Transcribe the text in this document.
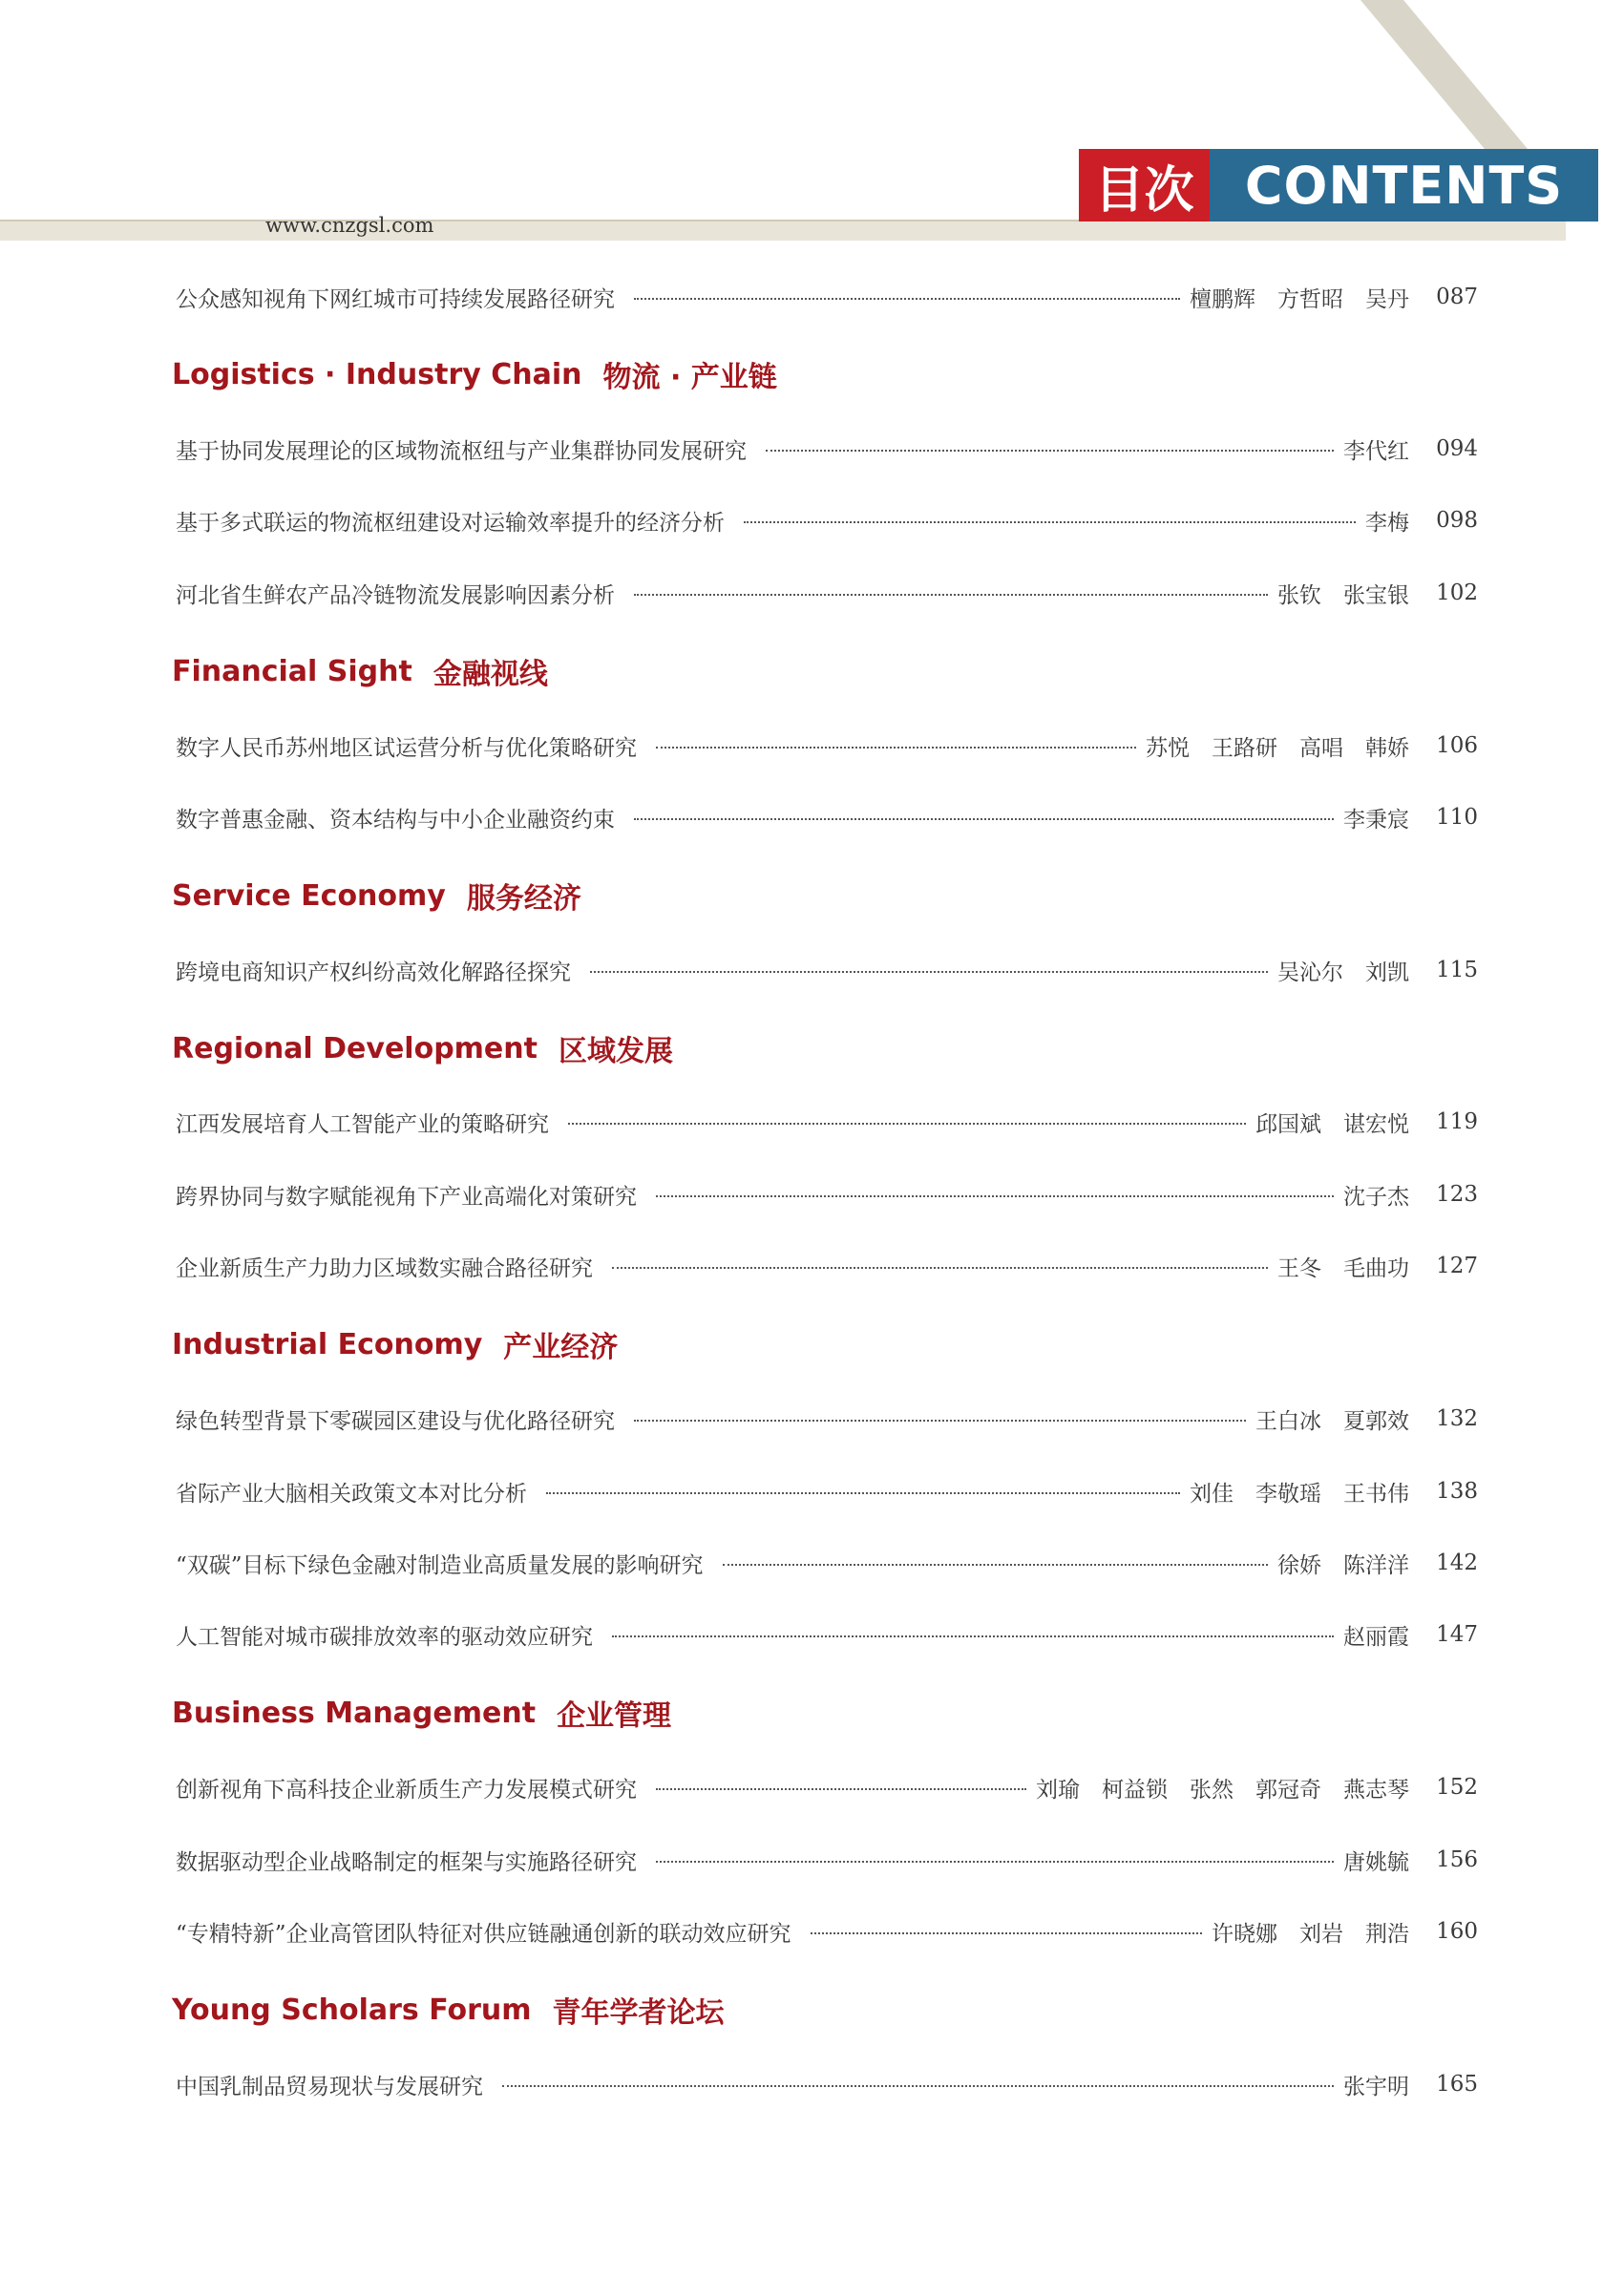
目次 CONTENTS
www.cnzgsl.com
公众感知视角下网红城市可持续发展路径研究	檀鹏辉　方哲昭　吴丹 087
Logistics · Industry Chain 物流 · 产业链
基于协同发展理论的区域物流枢纽与产业集群协同发展研究	李代红 094
基于多式联运的物流枢纽建设对运输效率提升的经济分析	李梅 098
河北省生鲜农产品冷链物流发展影响因素分析	张钦　张宝银 102
Financial Sight 金融视线
数字人民币苏州地区试运营分析与优化策略研究	苏悦　王路研　高唱　韩娇 106
数字普惠金融、资本结构与中小企业融资约束	李秉宸 110
Service Economy 服务经济
跨境电商知识产权纠纷高效化解路径探究	吴沁尔　刘凯 115
Regional Development 区域发展
江西发展培育人工智能产业的策略研究	邱国斌　谌宏悦 119
跨界协同与数字赋能视角下产业高端化对策研究	沈子杰 123
企业新质生产力助力区域数实融合路径研究	王冬　毛曲功 127
Industrial Economy 产业经济
绿色转型背景下零碳园区建设与优化路径研究	王白冰　夏郭效 132
省际产业大脑相关政策文本对比分析	刘佳　李敬瑶　王书伟 138
“双碳”目标下绿色金融对制造业高质量发展的影响研究	徐娇　陈洋洋 142
人工智能对城市碳排放效率的驱动效应研究	赵丽霞 147
Business Management 企业管理
创新视角下高科技企业新质生产力发展模式研究	刘瑜　柯益锁　张然　郭冠奇　燕志琴 152
数据驱动型企业战略制定的框架与实施路径研究	唐姚毓 156
“专精特新”企业高管团队特征对供应链融通创新的联动效应研究	许晓娜　刘岩　荆浩 160
Young Scholars Forum 青年学者论坛
中国乳制品贸易现状与发展研究	张宇明 165
